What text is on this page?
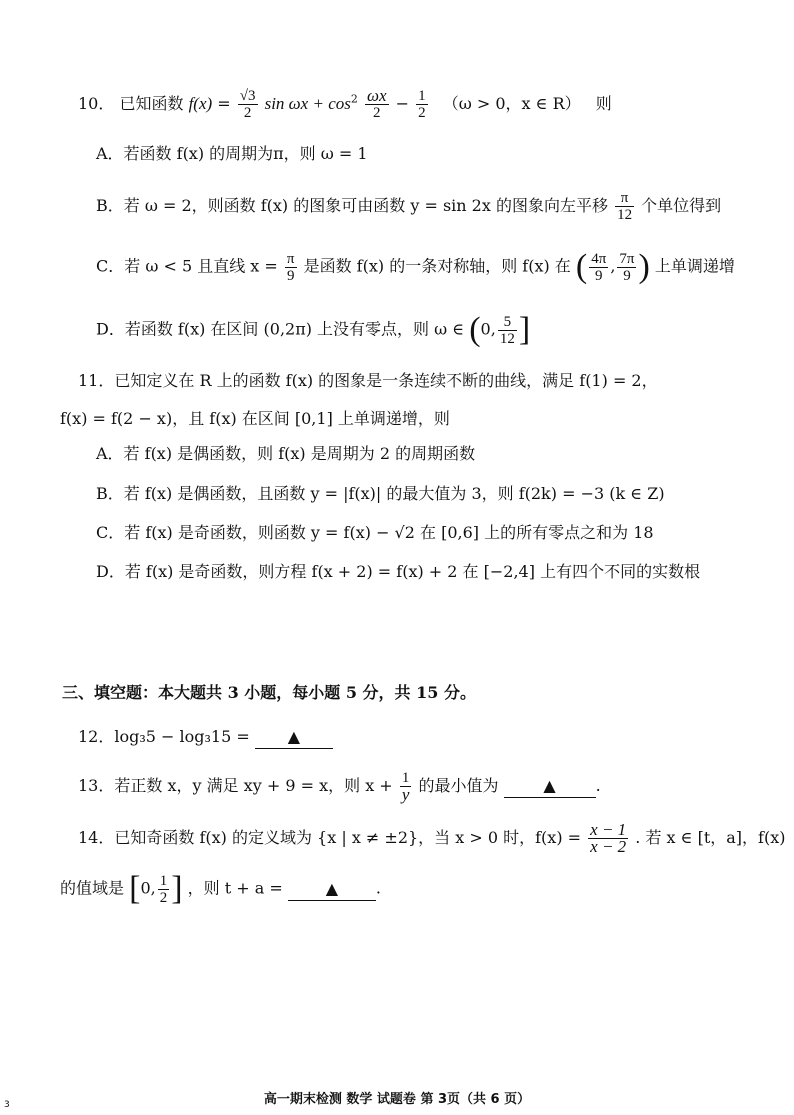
10． 已知函数 $f(x) = \frac{√3}{2}$ $\sin \omega x + \cos^2 \frac{\omega x}{2} - \frac{1}{2} (\omega > 0$，x ∈ R） 则
A．若函数 f(x) 的周期为π，则 ω = 1
B．若 ω = 2，则函数 f(x) 的图象可由函数 y = sin 2x 的图象向左平移 $\frac{\pi}{12}$ 个单位得到
C．若 ω < 5 且直线 $x = \frac{\pi}{9}$ 是函数 f(x) 的一条对称轴，则 f(x) 在 ( $\frac{4\pi}{9}$ , $\frac{7\pi}{9}$ ) 上单调递增
D．若函数 f(x) 在区间 (0,2π) 上没有零点，则 ω ∈ (0, $\frac{5}{12}$ ]
11．已知定义在 R 上的函数 f(x) 的图象是一条连续不断的曲线，满足 f(1) = 2，
f(x) = f(2 − x)，且 f(x) 在区间 [0,1] 上单调递增，则
A．若 f(x) 是偶函数，则 f(x) 是周期为 2 的周期函数
B．若 f(x) 是偶函数，且函数 y = |f(x)| 的最大值为 3，则 f(2k) = −3 (k ∈ Z)
C．若 f(x) 是奇函数，则函数 y = f(x) − √2 在 [0,6] 上的所有零点之和为 18
D．若 f(x) 是奇函数，则方程 f(x + 2) = f(x) + 2 在 [−2,4] 上有四个不同的实数根
三、填空题：本大题共 3 小题，每小题 5 分，共 15 分。
12．log₃5 − log₃15 = ▲
13．若正数 x，y 满足 xy + 9 = x，则 $x + \frac{1}{y}$ 的最小值为	▲ .
14．已知奇函数 f(x) 的定义域为 {x | x ≠ ±2}，当 x > 0 时，$f(x) = \frac{x - 1}{x - 2}$ . 若 x ∈ [t，a]，f(x)
的值域是 [0, $\frac{1}{2}$ ] ，则 t + a =	▲ .
高一期末检测 数学 试题卷 第 3页（共 6 页）
3
